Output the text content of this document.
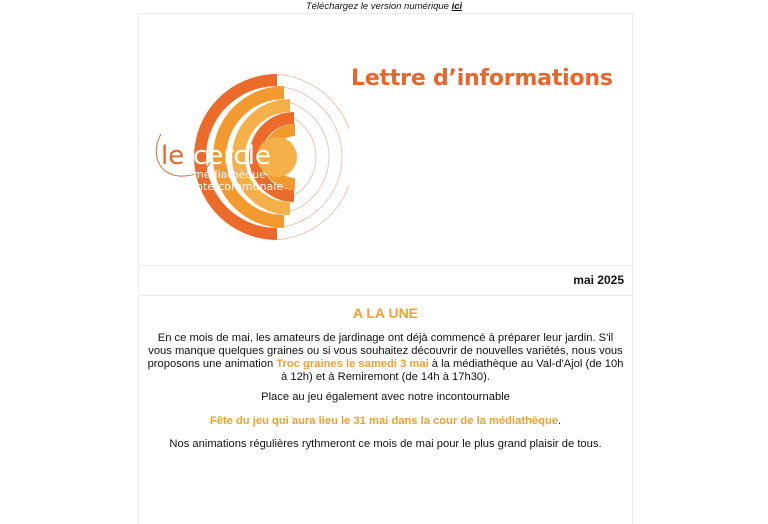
Téléchargez le version numérique ici
le cercle
médiathèque
intercommunale
Lettre d’informations
mai 2025
A LA UNE
En ce mois de mai, les amateurs de jardinage ont déjà commencé à préparer leur jardin. S'il vous manque quelques graines ou si vous souhaitez découvrir de nouvelles variétés, nous vous proposons une animation Troc graines le samedi 3 mai à la médiathèque au Val-d'Ajol (de 10h à 12h) et à Remiremont (de 14h à 17h30).
Place au jeu également avec notre incontournable
Fête du jeu qui aura lieu le 31 mai dans la cour de la médiathèque.
Nos animations régulières rythmeront ce mois de mai pour le plus grand plaisir de tous.
